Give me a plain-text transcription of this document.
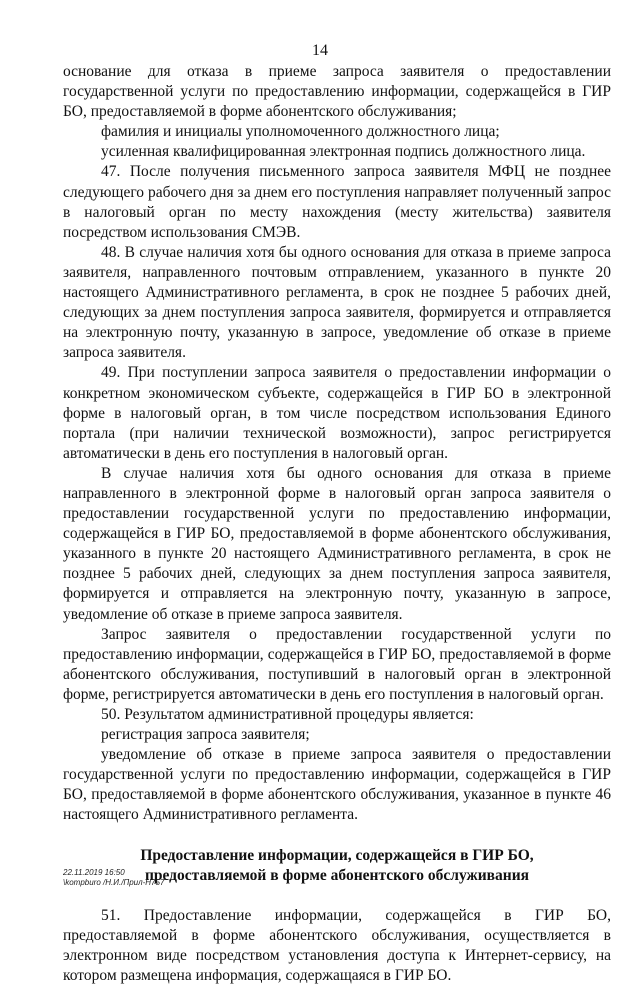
14

основание для отказа в приеме запроса заявителя о предоставлении государственной услуги по предоставлению информации, содержащейся в ГИР БО, предоставляемой в форме абонентского обслуживания;

фамилия и инициалы уполномоченного должностного лица;

усиленная квалифицированная электронная подпись должностного лица.

47. После получения письменного запроса заявителя МФЦ не позднее следующего рабочего дня за днем его поступления направляет полученный запрос в налоговый орган по месту нахождения (месту жительства) заявителя посредством использования СМЭВ.

48. В случае наличия хотя бы одного основания для отказа в приеме запроса заявителя, направленного почтовым отправлением, указанного в пункте 20 настоящего Административного регламента, в срок не позднее 5 рабочих дней, следующих за днем поступления запроса заявителя, формируется и отправляется на электронную почту, указанную в запросе, уведомление об отказе в приеме запроса заявителя.

49. При поступлении запроса заявителя о предоставлении информации о конкретном экономическом субъекте, содержащейся в ГИР БО в электронной форме в налоговый орган, в том числе посредством использования Единого портала (при наличии технической возможности), запрос регистрируется автоматически в день его поступления в налоговый орган.

В случае наличия хотя бы одного основания для отказа в приеме направленного в электронной форме в налоговый орган запроса заявителя о предоставлении государственной услуги по предоставлению информации, содержащейся в ГИР БО, предоставляемой в форме абонентского обслуживания, указанного в пункте 20 настоящего Административного регламента, в срок не позднее 5 рабочих дней, следующих за днем поступления запроса заявителя, формируется и отправляется на электронную почту, указанную в запросе, уведомление об отказе в приеме запроса заявителя.

Запрос заявителя о предоставлении государственной услуги по предоставлению информации, содержащейся в ГИР БО, предоставляемой в форме абонентского обслуживания, поступивший в налоговый орган в электронной форме, регистрируется автоматически в день его поступления в налоговый орган.

50. Результатом административной процедуры является:

регистрация запроса заявителя;

уведомление об отказе в приеме запроса заявителя о предоставлении государственной услуги по предоставлению информации, содержащейся в ГИР БО, предоставляемой в форме абонентского обслуживания, указанное в пункте 46 настоящего Административного регламента.

Предоставление информации, содержащейся в ГИР БО,
предоставляемой в форме абонентского обслуживания

51. Предоставление информации, содержащейся в ГИР БО, предоставляемой в форме абонентского обслуживания, осуществляется в электронном виде посредством установления доступа к Интернет-сервису, на котором размещена информация, содержащаяся в ГИР БО.

22.11.2019 16:50
\kompburo /Н.И./Прил-Н757
